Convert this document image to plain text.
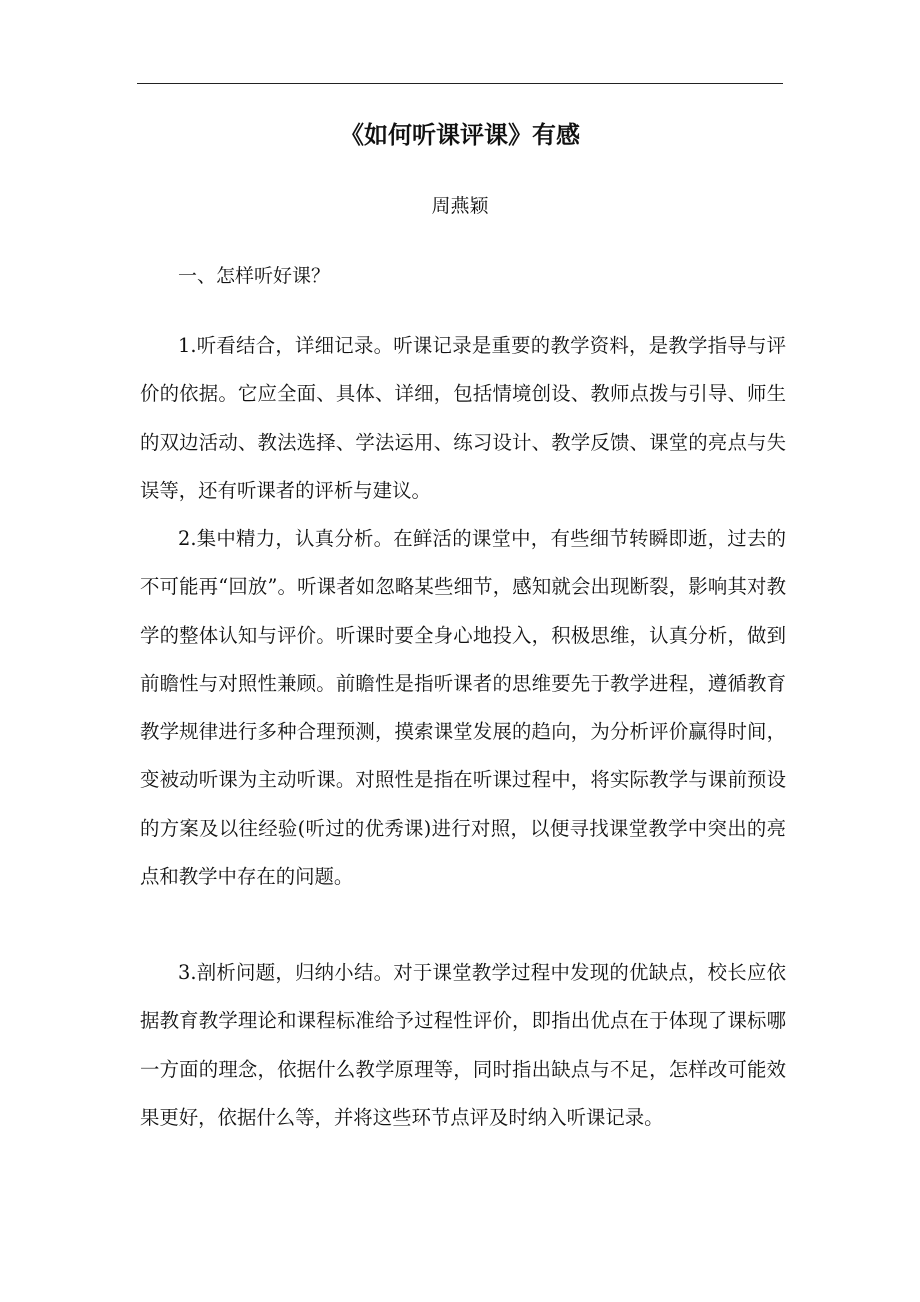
《如何听课评课》有感
周燕颖
一、怎样听好课？

1.听看结合，详细记录。听课记录是重要的教学资料，是教学指导与评价的依据。它应全面、具体、详细，包括情境创设、教师点拨与引导、师生的双边活动、教法选择、学法运用、练习设计、教学反馈、课堂的亮点与失误等，还有听课者的评析与建议。

2.集中精力，认真分析。在鲜活的课堂中，有些细节转瞬即逝，过去的不可能再“回放”。听课者如忽略某些细节，感知就会出现断裂，影响其对教学的整体认知与评价。听课时要全身心地投入，积极思维，认真分析，做到前瞻性与对照性兼顾。前瞻性是指听课者的思维要先于教学进程，遵循教育教学规律进行多种合理预测，摸索课堂发展的趋向，为分析评价赢得时间，变被动听课为主动听课。对照性是指在听课过程中，将实际教学与课前预设的方案及以往经验(听过的优秀课)进行对照，以便寻找课堂教学中突出的亮点和教学中存在的问题。

3.剖析问题，归纳小结。对于课堂教学过程中发现的优缺点，校长应依据教育教学理论和课程标准给予过程性评价，即指出优点在于体现了课标哪一方面的理念，依据什么教学原理等，同时指出缺点与不足，怎样改可能效果更好，依据什么等，并将这些环节点评及时纳入听课记录。
